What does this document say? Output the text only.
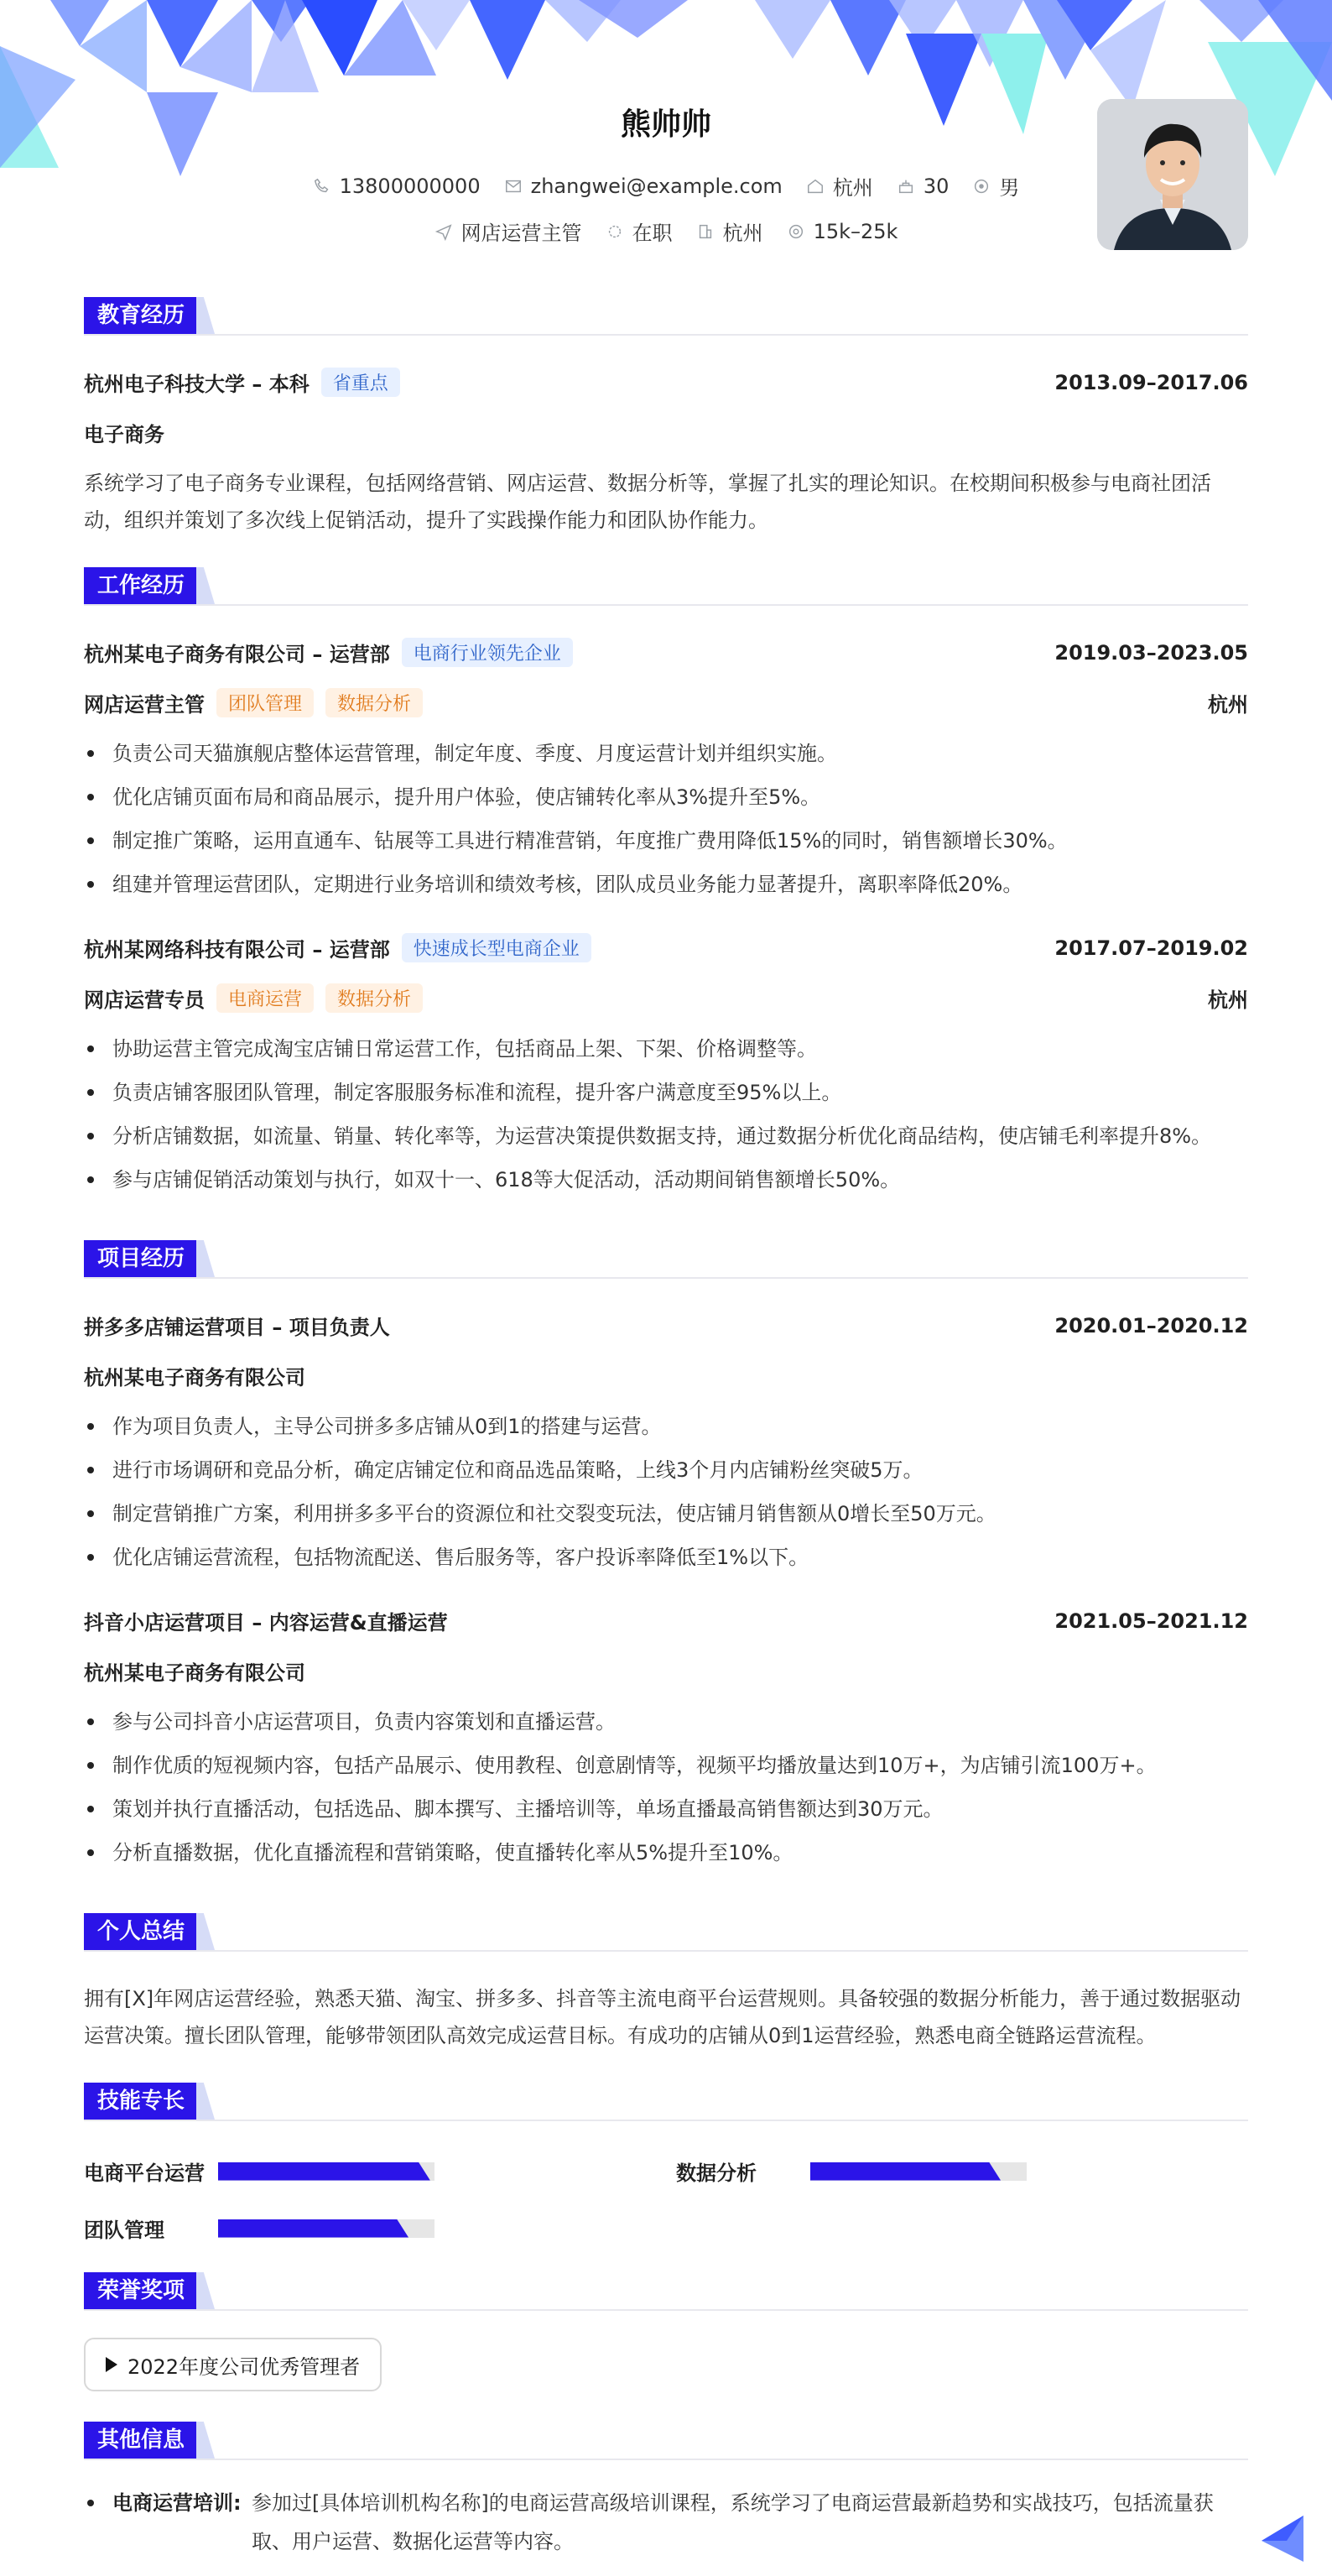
熊帅帅
13800000000	zhangwei@example.com	杭州	30	男
网店运营主管	在职	杭州	15k–25k
教育经历
杭州电子科技大学 – 本科	省重点	2013.09–2017.06
电子商务
系统学习了电子商务专业课程，包括网络营销、网店运营、数据分析等，掌握了扎实的理论知识。在校期间积极参与电商社团活动，组织并策划了多次线上促销活动，提升了实践操作能力和团队协作能力。
工作经历
杭州某电子商务有限公司 – 运营部	电商行业领先企业	2019.03–2023.05
网店运营主管	团队管理	数据分析	杭州
负责公司天猫旗舰店整体运营管理，制定年度、季度、月度运营计划并组织实施。
优化店铺页面布局和商品展示，提升用户体验，使店铺转化率从3%提升至5%。
制定推广策略，运用直通车、钻展等工具进行精准营销，年度推广费用降低15%的同时，销售额增长30%。
组建并管理运营团队，定期进行业务培训和绩效考核，团队成员业务能力显著提升，离职率降低20%。
杭州某网络科技有限公司 – 运营部	快速成长型电商企业	2017.07–2019.02
网店运营专员	电商运营	数据分析	杭州
协助运营主管完成淘宝店铺日常运营工作，包括商品上架、下架、价格调整等。
负责店铺客服团队管理，制定客服服务标准和流程，提升客户满意度至95%以上。
分析店铺数据，如流量、销量、转化率等，为运营决策提供数据支持，通过数据分析优化商品结构，使店铺毛利率提升8%。
参与店铺促销活动策划与执行，如双十一、618等大促活动，活动期间销售额增长50%。
项目经历
拼多多店铺运营项目 – 项目负责人	2020.01–2020.12
杭州某电子商务有限公司
作为项目负责人，主导公司拼多多店铺从0到1的搭建与运营。
进行市场调研和竞品分析，确定店铺定位和商品选品策略，上线3个月内店铺粉丝突破5万。
制定营销推广方案，利用拼多多平台的资源位和社交裂变玩法，使店铺月销售额从0增长至50万元。
优化店铺运营流程，包括物流配送、售后服务等，客户投诉率降低至1%以下。
抖音小店运营项目 – 内容运营&直播运营	2021.05–2021.12
杭州某电子商务有限公司
参与公司抖音小店运营项目，负责内容策划和直播运营。
制作优质的短视频内容，包括产品展示、使用教程、创意剧情等，视频平均播放量达到10万+，为店铺引流100万+。
策划并执行直播活动，包括选品、脚本撰写、主播培训等，单场直播最高销售额达到30万元。
分析直播数据，优化直播流程和营销策略，使直播转化率从5%提升至10%。
个人总结
拥有[X]年网店运营经验，熟悉天猫、淘宝、拼多多、抖音等主流电商平台运营规则。具备较强的数据分析能力，善于通过数据驱动运营决策。擅长团队管理，能够带领团队高效完成运营目标。有成功的店铺从0到1运营经验，熟悉电商全链路运营流程。
技能专长
电商平台运营	数据分析
团队管理
荣誉奖项
2022年度公司优秀管理者
其他信息
电商运营培训: 参加过[具体培训机构名称]的电商运营高级培训课程，系统学习了电商运营最新趋势和实战技巧，包括流量获取、用户运营、数据化运营等内容。
